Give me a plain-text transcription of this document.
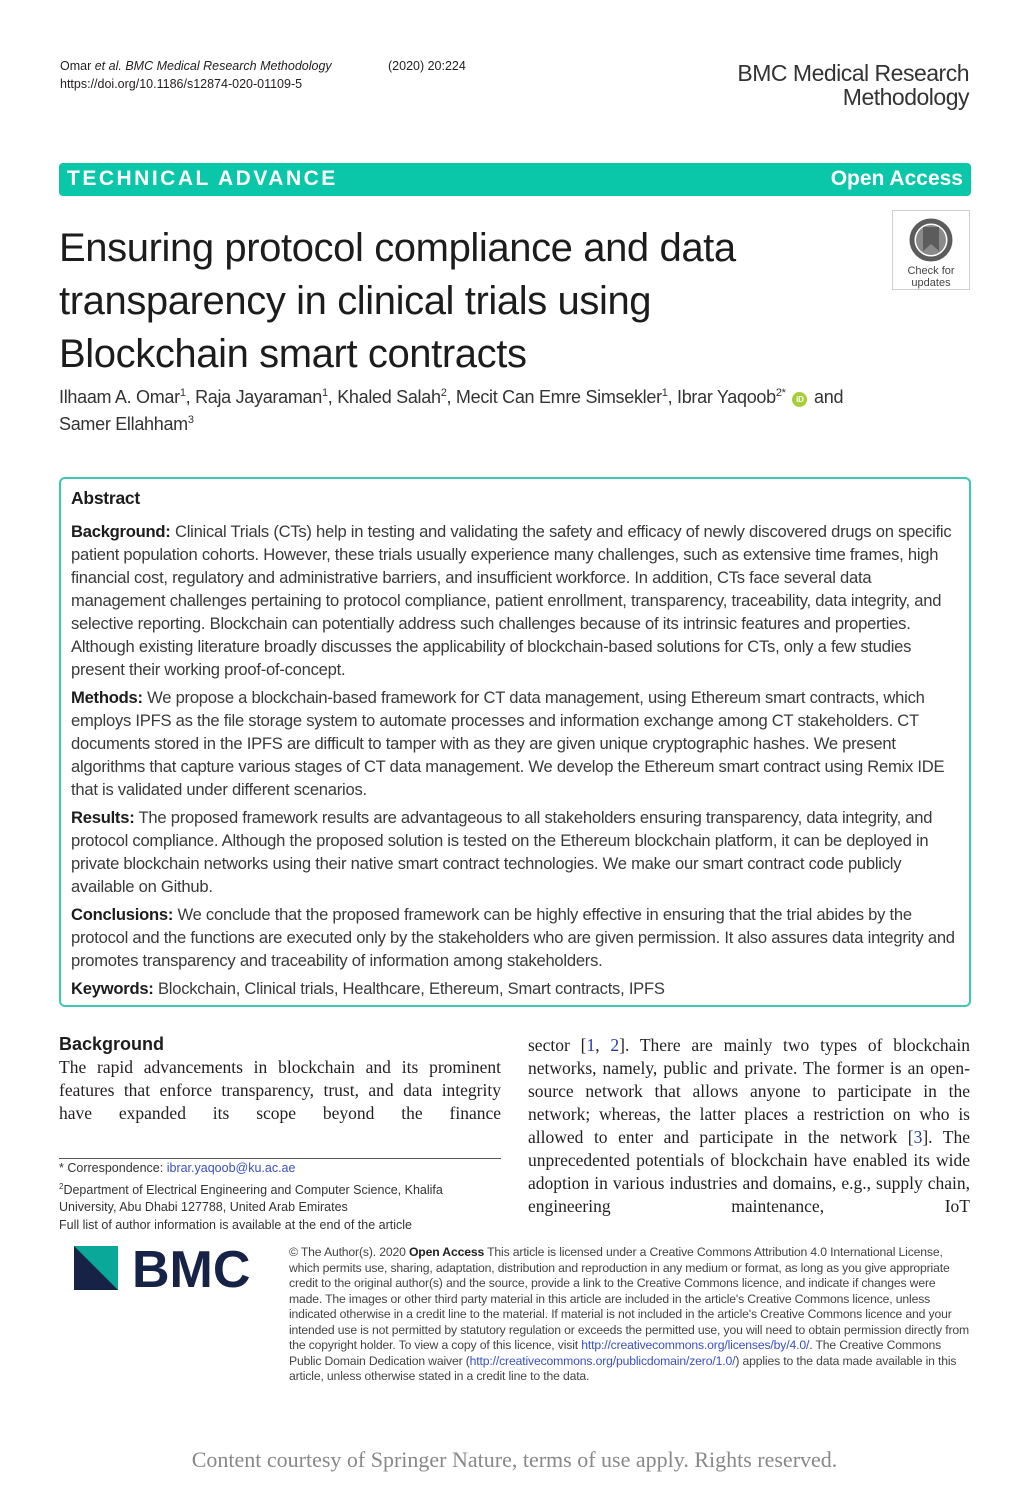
Omar et al. BMC Medical Research Methodology	(2020) 20:224
https://doi.org/10.1186/s12874-020-01109-5	BMC Medical Research
Methodology
TECHNICAL ADVANCE	Open Access
Ensuring protocol compliance and data transparency in clinical trials using Blockchain smart contracts
Check for
updates
Ilhaam A. Omar$^1$, Raja Jayaraman$^1$, Khaled Salah$^2$, Mecit Can Emre Simsekler$^1$, Ibrar Yaqoob$^{2*}$ iD and
Samer Ellahham$^3$
Abstract

Background: Clinical Trials (CTs) help in testing and validating the safety and efficacy of newly discovered drugs on specific patient population cohorts. However, these trials usually experience many challenges, such as extensive time frames, high financial cost, regulatory and administrative barriers, and insufficient workforce. In addition, CTs face several data management challenges pertaining to protocol compliance, patient enrollment, transparency, traceability, data integrity, and selective reporting. Blockchain can potentially address such challenges because of its intrinsic features and properties. Although existing literature broadly discusses the applicability of blockchain-based solutions for CTs, only a few studies present their working proof-of-concept.

Methods: We propose a blockchain-based framework for CT data management, using Ethereum smart contracts, which employs IPFS as the file storage system to automate processes and information exchange among CT stakeholders. CT documents stored in the IPFS are difficult to tamper with as they are given unique cryptographic hashes. We present algorithms that capture various stages of CT data management. We develop the Ethereum smart contract using Remix IDE that is validated under different scenarios.

Results: The proposed framework results are advantageous to all stakeholders ensuring transparency, data integrity, and protocol compliance. Although the proposed solution is tested on the Ethereum blockchain platform, it can be deployed in private blockchain networks using their native smart contract technologies. We make our smart contract code publicly available on Github.

Conclusions: We conclude that the proposed framework can be highly effective in ensuring that the trial abides by the protocol and the functions are executed only by the stakeholders who are given permission. It also assures data integrity and promotes transparency and traceability of information among stakeholders.

Keywords: Blockchain, Clinical trials, Healthcare, Ethereum, Smart contracts, IPFS

Background
The rapid advancements in blockchain and its prominent features that enforce transparency, trust, and data integrity have expanded its scope beyond the finance
sector [1, 2]. There are mainly two types of blockchain networks, namely, public and private. The former is an open-source network that allows anyone to participate in the network; whereas, the latter places a restriction on who is allowed to enter and participate in the network [3]. The unprecedented potentials of blockchain have enabled its wide adoption in various industries and domains, e.g., supply chain, engineering maintenance, IoT
* Correspondence: ibrar.yaqoob@ku.ac.ae
$^2$Department of Electrical Engineering and Computer Science, Khalifa
University, Abu Dhabi 127788, United Arab Emirates
Full list of author information is available at the end of the article
BMC	© The Author(s). 2020 Open Access This article is licensed under a Creative Commons Attribution 4.0 International License, which permits use, sharing, adaptation, distribution and reproduction in any medium or format, as long as you give appropriate credit to the original author(s) and the source, provide a link to the Creative Commons licence, and indicate if changes were made. The images or other third party material in this article are included in the article's Creative Commons licence, unless indicated otherwise in a credit line to the material. If material is not included in the article's Creative Commons licence and your intended use is not permitted by statutory regulation or exceeds the permitted use, you will need to obtain permission directly from the copyright holder. To view a copy of this licence, visit http://creativecommons.org/licenses/by/4.0/. The Creative Commons Public Domain Dedication waiver (http://creativecommons.org/publicdomain/zero/1.0/) applies to the data made available in this article, unless otherwise stated in a credit line to the data.
Content courtesy of Springer Nature, terms of use apply. Rights reserved.
